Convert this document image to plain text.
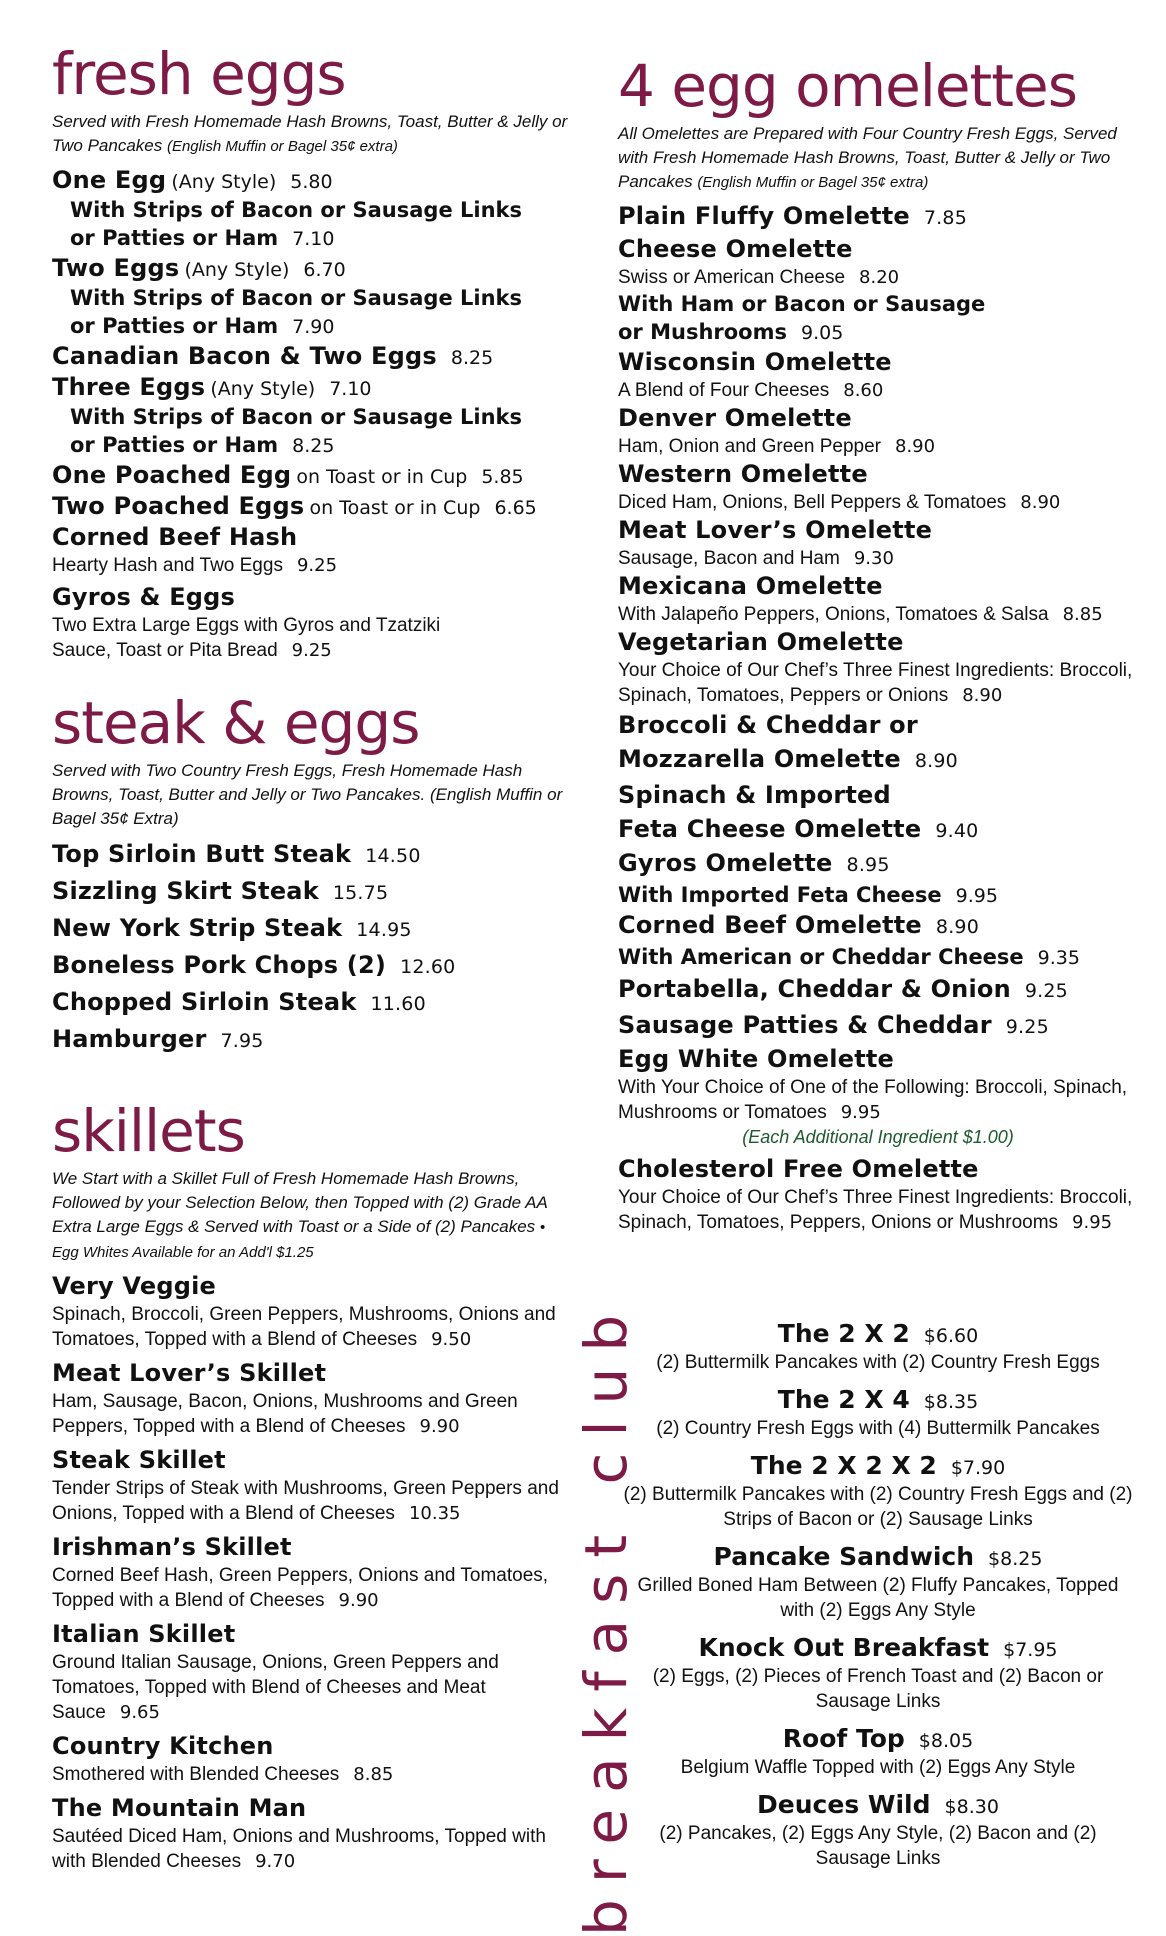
fresh eggs

Served with Fresh Homemade Hash Browns, Toast, Butter & Jelly or Two Pancakes (English Muffin or Bagel 35¢ extra)

One Egg (Any Style) 5.80
With Strips of Bacon or Sausage Links
or Patties or Ham 7.10
Two Eggs (Any Style) 6.70
With Strips of Bacon or Sausage Links
or Patties or Ham 7.90
Canadian Bacon & Two Eggs 8.25
Three Eggs (Any Style) 7.10
With Strips of Bacon or Sausage Links
or Patties or Ham 8.25
One Poached Egg on Toast or in Cup 5.85
Two Poached Eggs on Toast or in Cup 6.65
Corned Beef Hash
Hearty Hash and Two Eggs 9.25
Gyros & Eggs
Two Extra Large Eggs with Gyros and Tzatziki
Sauce, Toast or Pita Bread 9.25
steak & eggs

Served with Two Country Fresh Eggs, Fresh Homemade Hash Browns, Toast, Butter and Jelly or Two Pancakes. (English Muffin or Bagel 35¢ Extra)

Top Sirloin Butt Steak 14.50
Sizzling Skirt Steak 15.75
New York Strip Steak 14.95
Boneless Pork Chops (2) 12.60
Chopped Sirloin Steak 11.60
Hamburger 7.95
skillets

We Start with a Skillet Full of Fresh Homemade Hash Browns, Followed by your Selection Below, then Topped with (2) Grade AA Extra Large Eggs & Served with Toast or a Side of (2) Pancakes • Egg Whites Available for an Add'l $1.25

Very Veggie
Spinach, Broccoli, Green Peppers, Mushrooms, Onions and Tomatoes, Topped with a Blend of Cheeses 9.50
Meat Lover’s Skillet
Ham, Sausage, Bacon, Onions, Mushrooms and Green Peppers, Topped with a Blend of Cheeses 9.90
Steak Skillet
Tender Strips of Steak with Mushrooms, Green Peppers and Onions, Topped with a Blend of Cheeses 10.35
Irishman’s Skillet
Corned Beef Hash, Green Peppers, Onions and Tomatoes, Topped with a Blend of Cheeses 9.90
Italian Skillet
Ground Italian Sausage, Onions, Green Peppers and Tomatoes, Topped with Blend of Cheeses and Meat Sauce 9.65
Country Kitchen
Smothered with Blended Cheeses 8.85
The Mountain Man
Sautéed Diced Ham, Onions and Mushrooms, Topped with with Blended Cheeses 9.70
4 egg omelettes

All Omelettes are Prepared with Four Country Fresh Eggs, Served with Fresh Homemade Hash Browns, Toast, Butter & Jelly or Two Pancakes (English Muffin or Bagel 35¢ extra)

Plain Fluffy Omelette 7.85
Cheese Omelette
Swiss or American Cheese 8.20
With Ham or Bacon or Sausage
or Mushrooms 9.05
Wisconsin Omelette
A Blend of Four Cheeses 8.60
Denver Omelette
Ham, Onion and Green Pepper 8.90
Western Omelette
Diced Ham, Onions, Bell Peppers & Tomatoes 8.90
Meat Lover’s Omelette
Sausage, Bacon and Ham 9.30
Mexicana Omelette
With Jalapeño Peppers, Onions, Tomatoes & Salsa 8.85
Vegetarian Omelette
Your Choice of Our Chef’s Three Finest Ingredients: Broccoli, Spinach, Tomatoes, Peppers or Onions 8.90
Broccoli & Cheddar or
Mozzarella Omelette 8.90
Spinach & Imported
Feta Cheese Omelette 9.40
Gyros Omelette 8.95
With Imported Feta Cheese 9.95
Corned Beef Omelette 8.90
With American or Cheddar Cheese 9.35
Portabella, Cheddar & Onion 9.25
Sausage Patties & Cheddar 9.25
Egg White Omelette
With Your Choice of One of the Following: Broccoli, Spinach, Mushrooms or Tomatoes 9.95
(Each Additional Ingredient $1.00)
Cholesterol Free Omelette
Your Choice of Our Chef’s Three Finest Ingredients: Broccoli, Spinach, Tomatoes, Peppers, Onions or Mushrooms 9.95
breakfast club	The 2 X 2 $6.60
(2) Buttermilk Pancakes with (2) Country Fresh Eggs
The 2 X 4 $8.35
(2) Country Fresh Eggs with (4) Buttermilk Pancakes
The 2 X 2 X 2 $7.90
(2) Buttermilk Pancakes with (2) Country Fresh Eggs and (2) Strips of Bacon or (2) Sausage Links
Pancake Sandwich $8.25
Grilled Boned Ham Between (2) Fluffy Pancakes, Topped with (2) Eggs Any Style
Knock Out Breakfast $7.95
(2) Eggs, (2) Pieces of French Toast and (2) Bacon or Sausage Links
Roof Top $8.05
Belgium Waffle Topped with (2) Eggs Any Style
Deuces Wild $8.30
(2) Pancakes, (2) Eggs Any Style, (2) Bacon and (2) Sausage Links
